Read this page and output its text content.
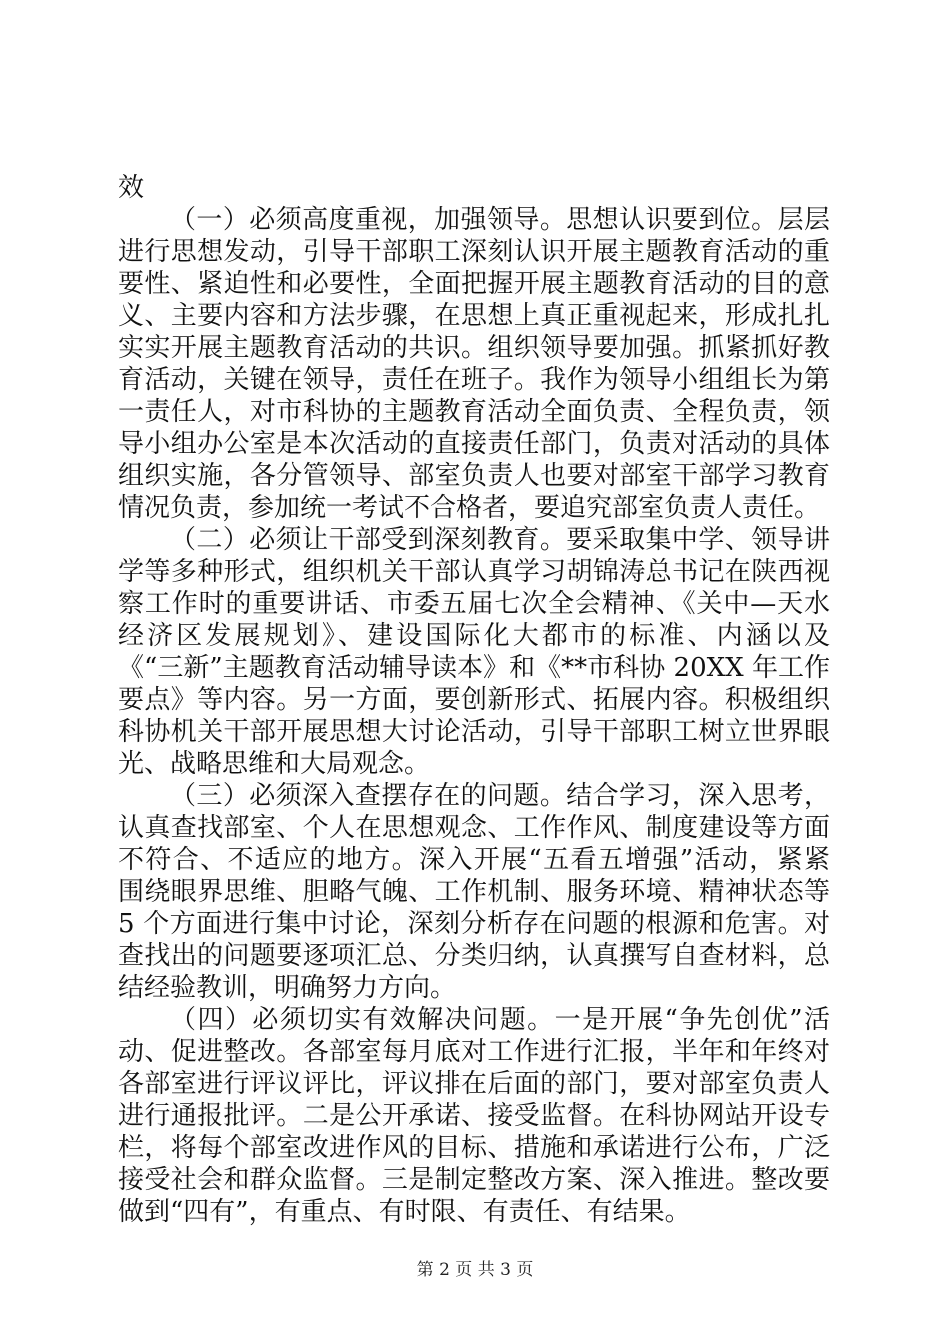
效
（一）必须高度重视，加强领导。思想认识要到位。层层
进行思想发动，引导干部职工深刻认识开展主题教育活动的重
要性、紧迫性和必要性，全面把握开展主题教育活动的目的意
义、主要内容和方法步骤，在思想上真正重视起来，形成扎扎
实实开展主题教育活动的共识。组织领导要加强。抓紧抓好教
育活动，关键在领导，责任在班子。我作为领导小组组长为第
一责任人，对市科协的主题教育活动全面负责、全程负责，领
导小组办公室是本次活动的直接责任部门，负责对活动的具体
组织实施，各分管领导、部室负责人也要对部室干部学习教育
情况负责，参加统一考试不合格者，要追究部室负责人责任。
（二）必须让干部受到深刻教育。要采取集中学、领导讲
学等多种形式，组织机关干部认真学习胡锦涛总书记在陕西视
察工作时的重要讲话、市委五届七次全会精神、《关中—天水
经济区发展规划》、建设国际化大都市的标准、内涵以及
《“三新”主题教育活动辅导读本》和《**市科协 20XX 年工作
要点》等内容。另一方面，要创新形式、拓展内容。积极组织
科协机关干部开展思想大讨论活动，引导干部职工树立世界眼
光、战略思维和大局观念。
（三）必须深入查摆存在的问题。结合学习，深入思考，
认真查找部室、个人在思想观念、工作作风、制度建设等方面
不符合、不适应的地方。深入开展“五看五增强”活动，紧紧
围绕眼界思维、胆略气魄、工作机制、服务环境、精神状态等
5 个方面进行集中讨论，深刻分析存在问题的根源和危害。对
查找出的问题要逐项汇总、分类归纳，认真撰写自查材料，总
结经验教训，明确努力方向。
（四）必须切实有效解决问题。一是开展“争先创优”活
动、促进整改。各部室每月底对工作进行汇报，半年和年终对
各部室进行评议评比，评议排在后面的部门，要对部室负责人
进行通报批评。二是公开承诺、接受监督。在科协网站开设专
栏，将每个部室改进作风的目标、措施和承诺进行公布，广泛
接受社会和群众监督。三是制定整改方案、深入推进。整改要
做到“四有”，有重点、有时限、有责任、有结果。
第 2 页 共 3 页
